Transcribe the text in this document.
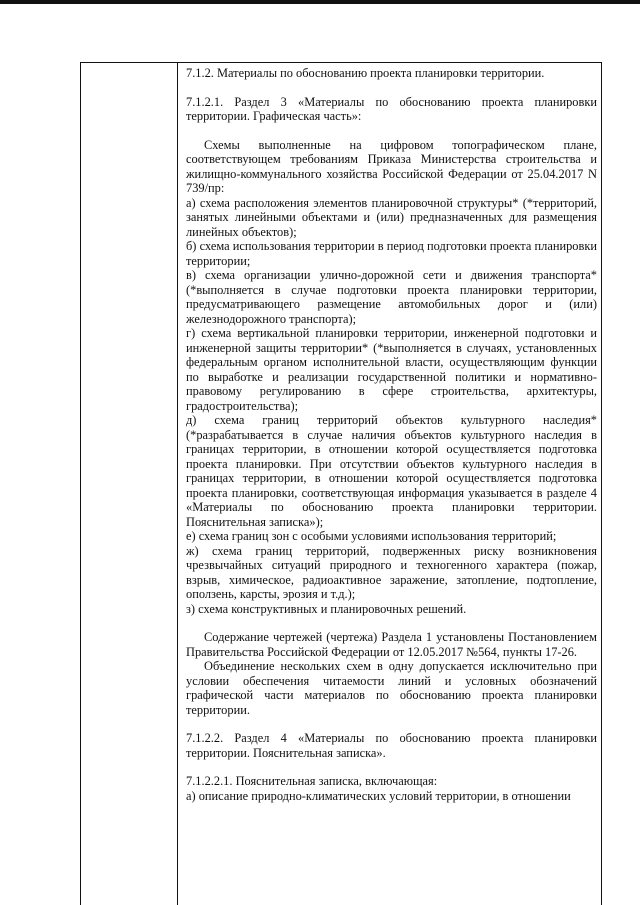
7.1.2. Материалы по обоснованию проекта планировки территории.

7.1.2.1. Раздел 3 «Материалы по обоснованию проекта планировки территории. Графическая часть»:

Схемы выполненные на цифровом топографическом плане, соответствующем требованиям Приказа Министерства строительства и жилищно-коммунального хозяйства Российской Федерации от 25.04.2017 N 739/пр:

а) схема расположения элементов планировочной структуры* (*территорий, занятых линейными объектами и (или) предназначенных для размещения линейных объектов);

б) схема использования территории в период подготовки проекта планировки территории;

в) схема организации улично-дорожной сети и движения транспорта* (*выполняется в случае подготовки проекта планировки территории, предусматривающего размещение автомобильных дорог и (или) железнодорожного транспорта);

г) схема вертикальной планировки территории, инженерной подготовки и инженерной защиты территории* (*выполняется в случаях, установленных федеральным органом исполнительной власти, осуществляющим функции по выработке и реализации государственной политики и нормативно-правовому регулированию в сфере строительства, архитектуры, градостроительства);

д) схема границ территорий объектов культурного наследия* (*разрабатывается в случае наличия объектов культурного наследия в границах территории, в отношении которой осуществляется подготовка проекта планировки. При отсутствии объектов культурного наследия в границах территории, в отношении которой осуществляется подготовка проекта планировки, соответствующая информация указывается в разделе 4 «Материалы по обоснованию проекта планировки территории. Пояснительная записка»);

е) схема границ зон с особыми условиями использования территорий;

ж) схема границ территорий, подверженных риску возникновения чрезвычайных ситуаций природного и техногенного характера (пожар, взрыв, химическое, радиоактивное заражение, затопление, подтопление, оползень, карсты, эрозия и т.д.);

з) схема конструктивных и планировочных решений.

Содержание чертежей (чертежа) Раздела 1 установлены Постановлением Правительства Российской Федерации от 12.05.2017 №564, пункты 17-26.

Объединение нескольких схем в одну допускается исключительно при условии обеспечения читаемости линий и условных обозначений графической части материалов по обоснованию проекта планировки территории.

7.1.2.2. Раздел 4 «Материалы по обоснованию проекта планировки территории. Пояснительная записка».

7.1.2.2.1. Пояснительная записка, включающая:

а) описание природно-климатических условий территории, в отношении
